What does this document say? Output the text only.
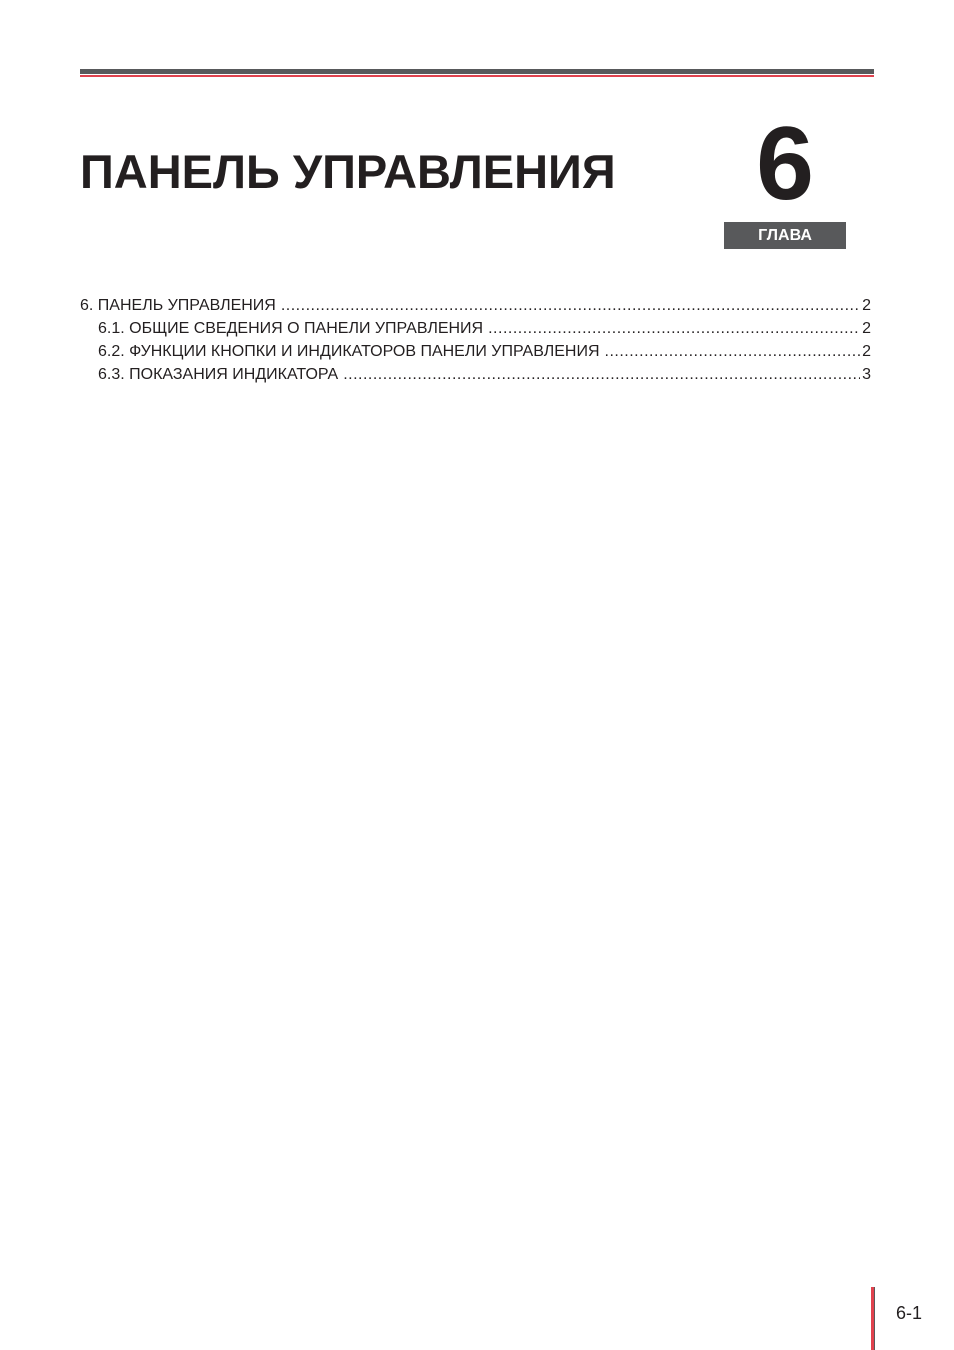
ПАНЕЛЬ УПРАВЛЕНИЯ	6
ГЛАВА
6. ПАНЕЛЬ УПРАВЛЕНИЯ .....	2
6.1. ОБЩИЕ СВЕДЕНИЯ О ПАНЕЛИ УПРАВЛЕНИЯ .....	2
6.2. ФУНКЦИИ КНОПКИ И ИНДИКАТОРОВ ПАНЕЛИ УПРАВЛЕНИЯ .....	2
6.3. ПОКАЗАНИЯ ИНДИКАТОРА .....	3
6-1
